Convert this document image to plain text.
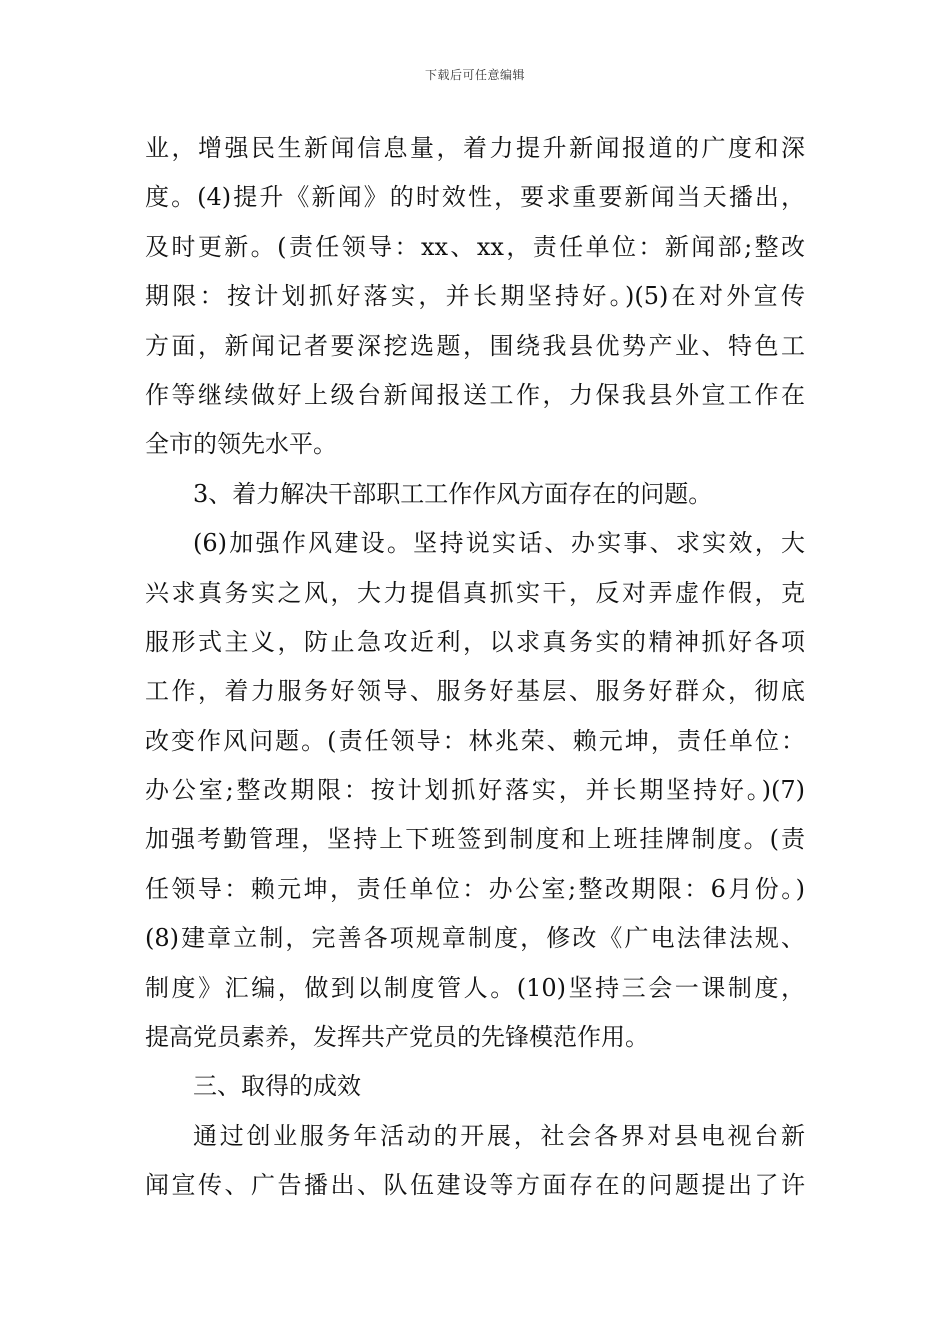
下载后可任意编辑
业，增强民生新闻信息量，着力提升新闻报道的广度和深
度。(4)提升《新闻》的时效性，要求重要新闻当天播出，
及时更新。(责任领导：xx、xx，责任单位：新闻部;整改
期限：按计划抓好落实，并长期坚持好。)(5)在对外宣传
方面，新闻记者要深挖选题，围绕我县优势产业、特色工
作等继续做好上级台新闻报送工作，力保我县外宣工作在
全市的领先水平。
3、着力解决干部职工工作作风方面存在的问题。
(6)加强作风建设。坚持说实话、办实事、求实效，大
兴求真务实之风，大力提倡真抓实干，反对弄虚作假，克
服形式主义，防止急攻近利，以求真务实的精神抓好各项
工作，着力服务好领导、服务好基层、服务好群众，彻底
改变作风问题。(责任领导：林兆荣、赖元坤，责任单位：
办公室;整改期限：按计划抓好落实，并长期坚持好。)(7)
加强考勤管理，坚持上下班签到制度和上班挂牌制度。(责
任领导：赖元坤，责任单位：办公室;整改期限：6月份。)
(8)建章立制，完善各项规章制度，修改《广电法律法规、
制度》汇编，做到以制度管人。(10)坚持三会一课制度，
提高党员素养，发挥共产党员的先锋模范作用。
三、取得的成效
通过创业服务年活动的开展，社会各界对县电视台新
闻宣传、广告播出、队伍建设等方面存在的问题提出了许
